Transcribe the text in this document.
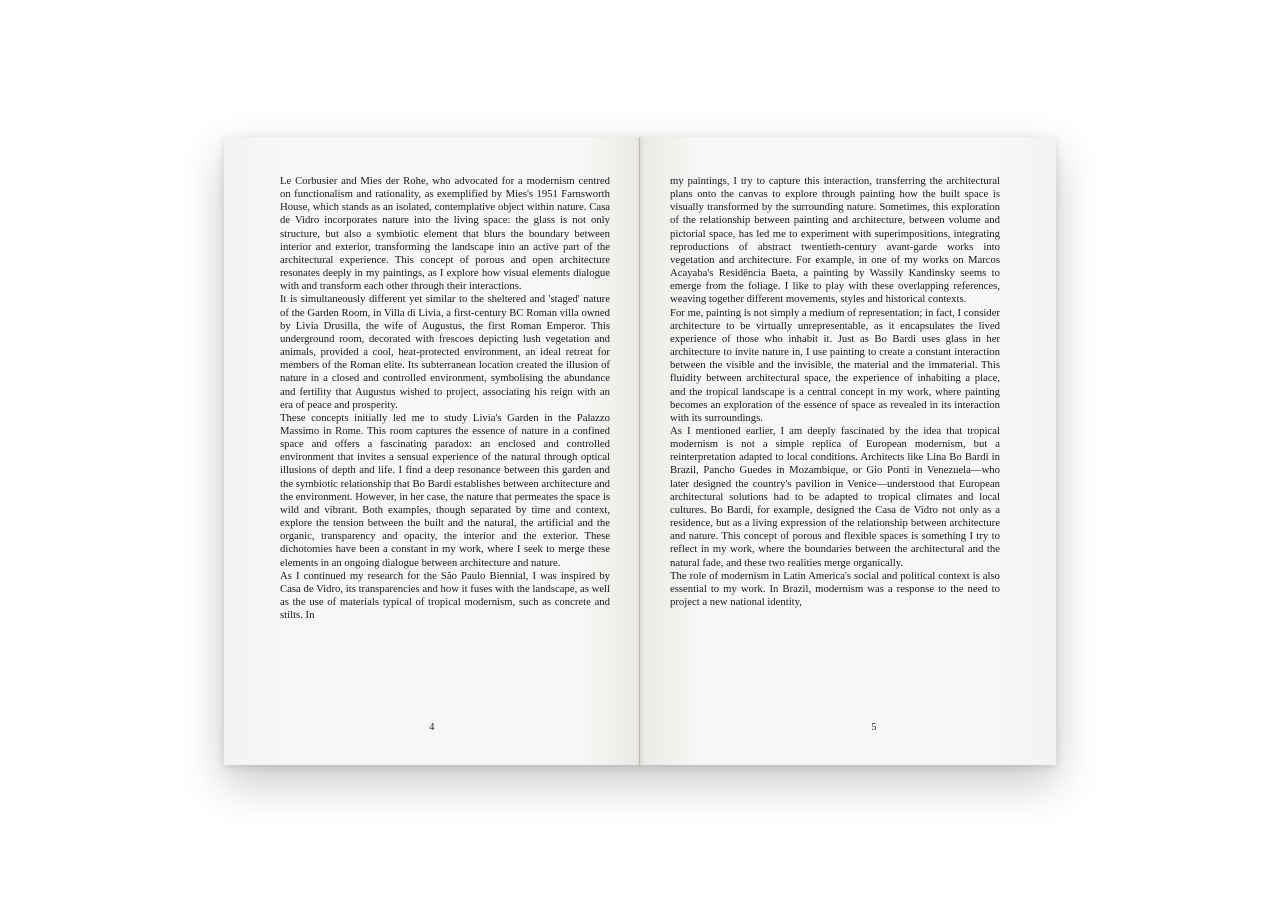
Le Corbusier and Mies der Rohe, who advocated for a modernism centred on functionalism and rationality, as exemplified by Mies's 1951 Farnsworth House, which stands as an isolated, contemplative object within nature. Casa de Vidro incorporates nature into the living space: the glass is not only structure, but also a symbiotic element that blurs the boundary between interior and exterior, transforming the landscape into an active part of the architectural experience. This concept of porous and open architecture resonates deeply in my paintings, as I explore how visual elements dialogue with and transform each other through their interactions.

It is simultaneously different yet similar to the sheltered and 'staged' nature of the Garden Room, in Villa di Livia, a first-century BC Roman villa owned by Livia Drusilla, the wife of Augustus, the first Roman Emperor. This underground room, decorated with frescoes depicting lush vegetation and animals, provided a cool, heat-protected environment, an ideal retreat for members of the Roman elite. Its subterranean location created the illusion of nature in a closed and controlled environment, symbolising the abundance and fertility that Augustus wished to project, associating his reign with an era of peace and prosperity.

These concepts initially led me to study Livia's Garden in the Palazzo Massimo in Rome. This room captures the essence of nature in a confined space and offers a fascinating paradox: an enclosed and controlled environment that invites a sensual experience of the natural through optical illusions of depth and life. I find a deep resonance between this garden and the symbiotic relationship that Bo Bardi establishes between architecture and the environment. However, in her case, the nature that permeates the space is wild and vibrant. Both examples, though separated by time and context, explore the tension between the built and the natural, the artificial and the organic, transparency and opacity, the interior and the exterior. These dichotomies have been a constant in my work, where I seek to merge these elements in an ongoing dialogue between architecture and nature.

As I continued my research for the São Paulo Biennial, I was inspired by Casa de Vidro, its transparencies and how it fuses with the landscape, as well as the use of materials typical of tropical modernism, such as concrete and stilts. In

4

my paintings, I try to capture this interaction, transferring the architectural plans onto the canvas to explore through painting how the built space is visually transformed by the surrounding nature. Sometimes, this exploration of the relationship between painting and architecture, between volume and pictorial space, has led me to experiment with superimpositions, integrating reproductions of abstract twentieth-century avant-garde works into vegetation and architecture. For example, in one of my works on Marcos Acayaba's Residência Baeta, a painting by Wassily Kandinsky seems to emerge from the foliage. I like to play with these overlapping references, weaving together different movements, styles and historical contexts.

For me, painting is not simply a medium of representation; in fact, I consider architecture to be virtually unrepresentable, as it encapsulates the lived experience of those who inhabit it. Just as Bo Bardi uses glass in her architecture to invite nature in, I use painting to create a constant interaction between the visible and the invisible, the material and the immaterial. This fluidity between architectural space, the experience of inhabiting a place, and the tropical landscape is a central concept in my work, where painting becomes an exploration of the essence of space as revealed in its interaction with its surroundings.

As I mentioned earlier, I am deeply fascinated by the idea that tropical modernism is not a simple replica of European modernism, but a reinterpretation adapted to local conditions. Architects like Lina Bo Bardi in Brazil, Pancho Guedes in Mozambique, or Gio Ponti in Venezuela—who later designed the country's pavilion in Venice—understood that European architectural solutions had to be adapted to tropical climates and local cultures. Bo Bardi, for example, designed the Casa de Vidro not only as a residence, but as a living expression of the relationship between architecture and nature. This concept of porous and flexible spaces is something I try to reflect in my work, where the boundaries between the architectural and the natural fade, and these two realities merge organically.

The role of modernism in Latin America's social and political context is also essential to my work. In Brazil, modernism was a response to the need to project a new national identity,

5
